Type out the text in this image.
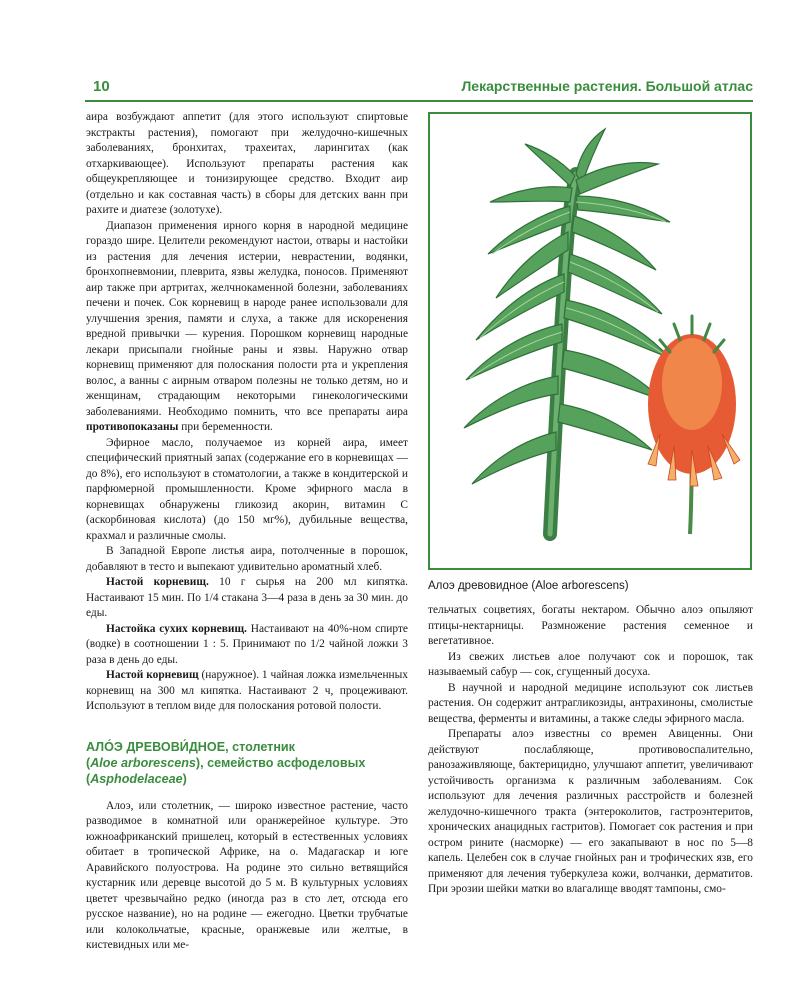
10	Лекарственные растения. Большой атлас

аира возбуждают аппетит (для этого используют спиртовые экстракты растения), помогают при желудочно-кишечных заболеваниях, бронхитах, трахеитах, ларингитах (как отхаркивающее). Используют препараты растения как общеукрепляющее и тонизирующее средство. Входит аир (отдельно и как составная часть) в сборы для детских ванн при рахите и диатезе (золотухе).

Диапазон применения ирного корня в народной медицине гораздо шире. Целители рекомендуют настои, отвары и настойки из растения для лечения истерии, неврастении, водянки, бронхопневмонии, плеврита, язвы желудка, поносов. Применяют аир также при артритах, желчнокаменной болезни, заболеваниях печени и почек. Сок корневищ в народе ранее использовали для улучшения зрения, памяти и слуха, а также для искоренения вредной привычки — курения. Порошком корневищ народные лекари присыпали гнойные раны и язвы. Наружно отвар корневищ применяют для полоскания полости рта и укрепления волос, а ванны с аирным отваром полезны не только детям, но и женщинам, страдающим некоторыми гинекологическими заболеваниями. Необходимо помнить, что все препараты аира противопоказаны при беременности.

Эфирное масло, получаемое из корней аира, имеет специфический приятный запах (содержание его в корневищах — до 8%), его используют в стоматологии, а также в кондитерской и парфюмерной промышленности. Кроме эфирного масла в корневищах обнаружены гликозид акорин, витамин С (аскорбиновая кислота) (до 150 мг%), дубильные вещества, крахмал и различные смолы.

В Западной Европе листья аира, потолченные в порошок, добавляют в тесто и выпекают удивительно ароматный хлеб.

Настой корневищ. 10 г сырья на 200 мл кипятка. Настаивают 15 мин. По 1/4 стакана 3—4 раза в день за 30 мин. до еды.

Настойка сухих корневищ. Настаивают на 40%-ном спирте (водке) в соотношении 1 : 5. Принимают по 1/2 чайной ложки 3 раза в день до еды.

Настой корневищ (наружное). 1 чайная ложка измельченных корневищ на 300 мл кипятка. Настаивают 2 ч, процеживают. Используют в теплом виде для полоскания ротовой полости.

АЛО́Э ДРЕВОВИ́ДНОЕ, столетник
(Aloe arborescens), семейство асфоделовых
(Asphodelaceae)

Алоэ, или столетник, — широко известное растение, часто разводимое в комнатной или оранжерейное культуре. Это южноафриканский пришелец, который в естественных условиях обитает в тропической Африке, на о. Мадагаскар и юге Аравийского полуострова. На родине это сильно ветвящийся кустарник или деревце высотой до 5 м. В культурных условиях цветет чрезвычайно редко (иногда раз в сто лет, отсюда его русское название), но на родине — ежегодно. Цветки трубчатые или колокольчатые, красные, оранжевые или желтые, в кистевидных или ме-

Алоэ древовидное (Aloe arborescens)

тельчатых соцветиях, богаты нектаром. Обычно алоэ опыляют птицы-нектарницы. Размножение растения семенное и вегетативное.

Из свежих листьев алое получают сок и порошок, так называемый сабур — сок, сгущенный досуха.

В научной и народной медицине используют сок листьев растения. Он содержит антрагликозиды, антрахиноны, смолистые вещества, ферменты и витамины, а также следы эфирного масла.

Препараты алоэ известны со времен Авиценны. Они действуют послабляюще, противовоспалительно, ранозаживляюще, бактерицидно, улучшают аппетит, увеличивают устойчивость организма к различным заболеваниям. Сок используют для лечения различных расстройств и болезней желудочно-кишечного тракта (энтероколитов, гастроэнтеритов, хронических анацидных гастритов). Помогает сок растения и при остром рините (насморке) — его закапывают в нос по 5—8 капель. Целебен сок в случае гнойных ран и трофических язв, его применяют для лечения туберкулеза кожи, волчанки, дерматитов. При эрозии шейки матки во влагалище вводят тампоны, смо-
